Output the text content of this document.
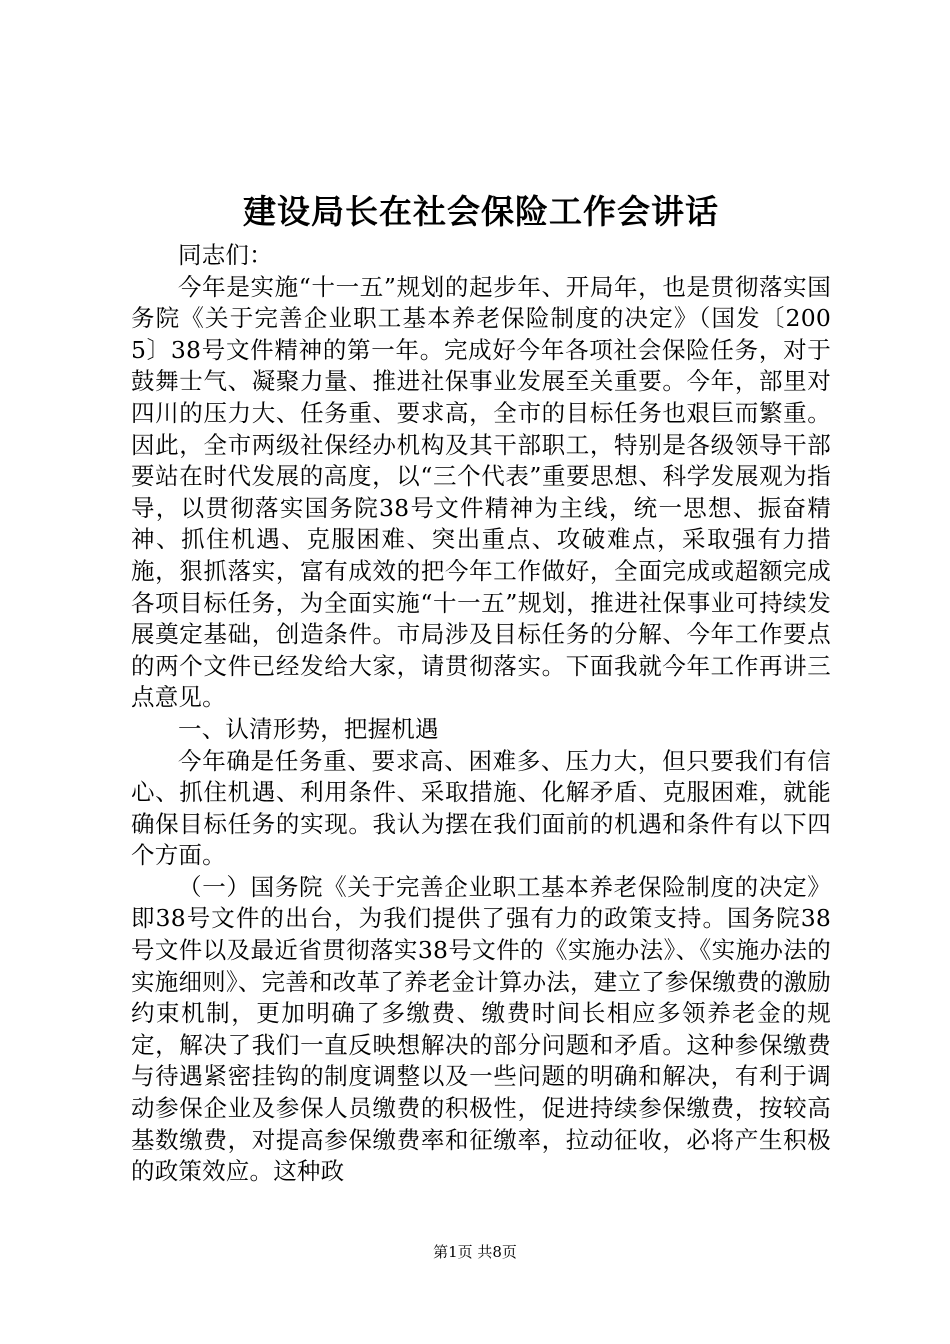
建设局长在社会保险工作会讲话

同志们：

今年是实施“十一五”规划的起步年、开局年，也是贯彻落实国务院《关于完善企业职工基本养老保险制度的决定》（国发〔2005〕38号文件精神的第一年。完成好今年各项社会保险任务，对于鼓舞士气、凝聚力量、推进社保事业发展至关重要。今年，部里对四川的压力大、任务重、要求高，全市的目标任务也艰巨而繁重。因此，全市两级社保经办机构及其干部职工，特别是各级领导干部要站在时代发展的高度，以“三个代表”重要思想、科学发展观为指导，以贯彻落实国务院38号文件精神为主线，统一思想、振奋精神、抓住机遇、克服困难、突出重点、攻破难点，采取强有力措施，狠抓落实，富有成效的把今年工作做好，全面完成或超额完成各项目标任务，为全面实施“十一五”规划，推进社保事业可持续发展奠定基础，创造条件。市局涉及目标任务的分解、今年工作要点的两个文件已经发给大家，请贯彻落实。下面我就今年工作再讲三点意见。

一、认清形势，把握机遇

今年确是任务重、要求高、困难多、压力大，但只要我们有信心、抓住机遇、利用条件、采取措施、化解矛盾、克服困难，就能确保目标任务的实现。我认为摆在我们面前的机遇和条件有以下四个方面。

（一）国务院《关于完善企业职工基本养老保险制度的决定》即38号文件的出台，为我们提供了强有力的政策支持。国务院38号文件以及最近省贯彻落实38号文件的《实施办法》、《实施办法的实施细则》、完善和改革了养老金计算办法，建立了参保缴费的激励约束机制，更加明确了多缴费、缴费时间长相应多领养老金的规定，解决了我们一直反映想解决的部分问题和矛盾。这种参保缴费与待遇紧密挂钩的制度调整以及一些问题的明确和解决，有利于调动参保企业及参保人员缴费的积极性，促进持续参保缴费，按较高基数缴费，对提高参保缴费率和征缴率，拉动征收，必将产生积极的政策效应。这种政

第1页 共8页
